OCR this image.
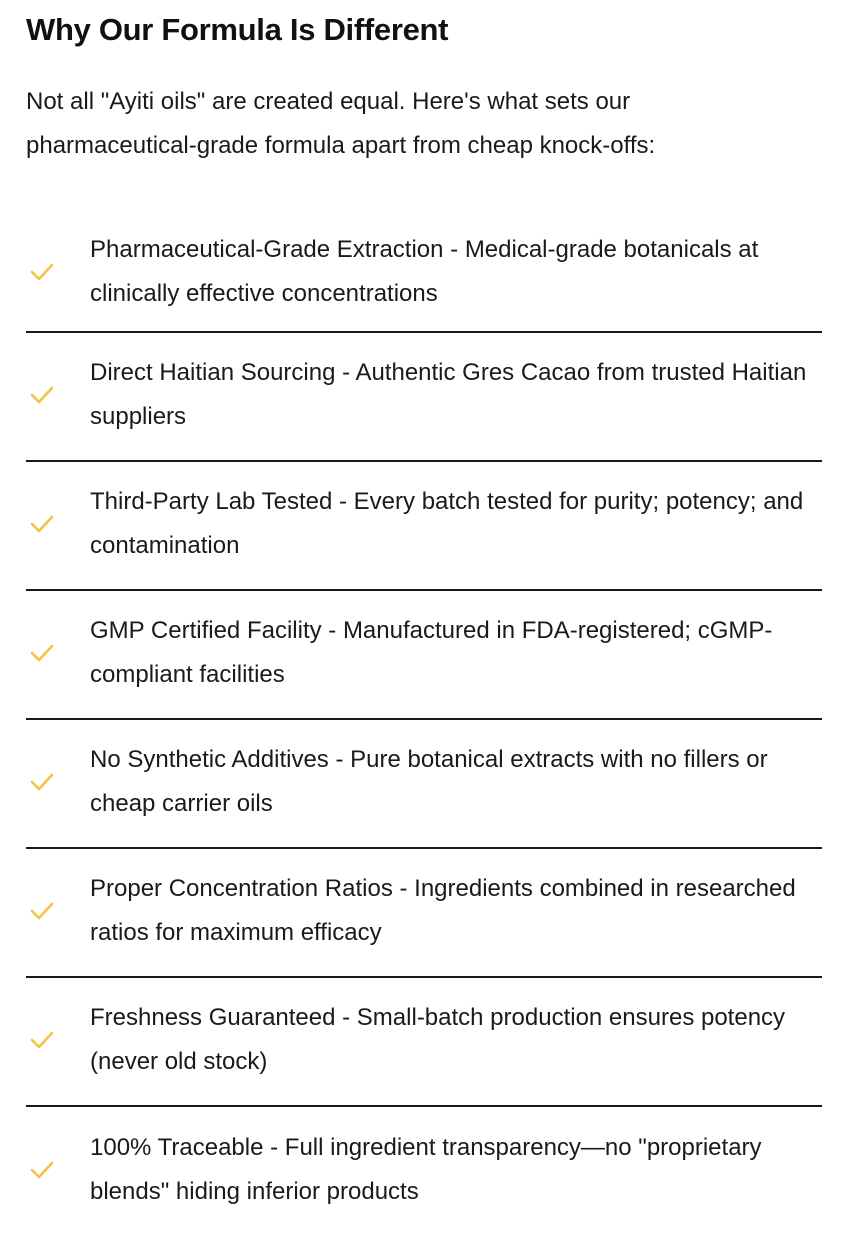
Why Our Formula Is Different

Not all "Ayiti oils" are created equal. Here's what sets our pharmaceutical-grade formula apart from cheap knock-offs:

Pharmaceutical-Grade Extraction - Medical-grade botanicals at clinically effective concentrations
Direct Haitian Sourcing - Authentic Gres Cacao from trusted Haitian suppliers
Third-Party Lab Tested - Every batch tested for purity; potency; and contamination
GMP Certified Facility - Manufactured in FDA-registered; cGMP-compliant facilities
No Synthetic Additives - Pure botanical extracts with no fillers or cheap carrier oils
Proper Concentration Ratios - Ingredients combined in researched ratios for maximum efficacy
Freshness Guaranteed - Small-batch production ensures potency (never old stock)
100% Traceable - Full ingredient transparency—no "proprietary blends" hiding inferior products
